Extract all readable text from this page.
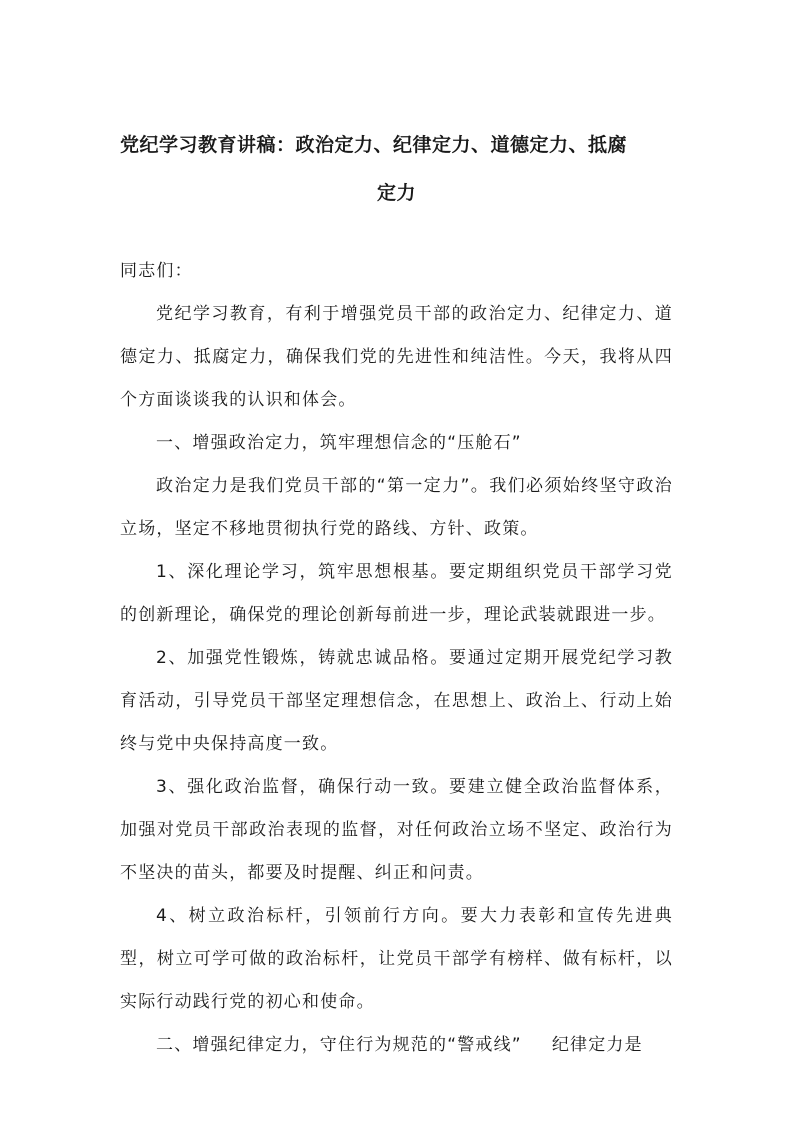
党纪学习教育讲稿：政治定力、纪律定力、道德定力、抵腐
定力

同志们：

党纪学习教育，有利于增强党员干部的政治定力、纪律定力、道德定力、抵腐定力，确保我们党的先进性和纯洁性。今天，我将从四个方面谈谈我的认识和体会。

一、增强政治定力，筑牢理想信念的“压舱石”

政治定力是我们党员干部的“第一定力”。我们必须始终坚守政治立场，坚定不移地贯彻执行党的路线、方针、政策。

1、深化理论学习，筑牢思想根基。要定期组织党员干部学习党的创新理论，确保党的理论创新每前进一步，理论武装就跟进一步。

2、加强党性锻炼，铸就忠诚品格。要通过定期开展党纪学习教育活动，引导党员干部坚定理想信念，在思想上、政治上、行动上始终与党中央保持高度一致。

3、强化政治监督，确保行动一致。要建立健全政治监督体系，加强对党员干部政治表现的监督，对任何政治立场不坚定、政治行为不坚决的苗头，都要及时提醒、纠正和问责。

4、树立政治标杆，引领前行方向。要大力表彰和宣传先进典型，树立可学可做的政治标杆，让党员干部学有榜样、做有标杆，以实际行动践行党的初心和使命。

二、增强纪律定力，守住行为规范的“警戒线” 纪律定力是
